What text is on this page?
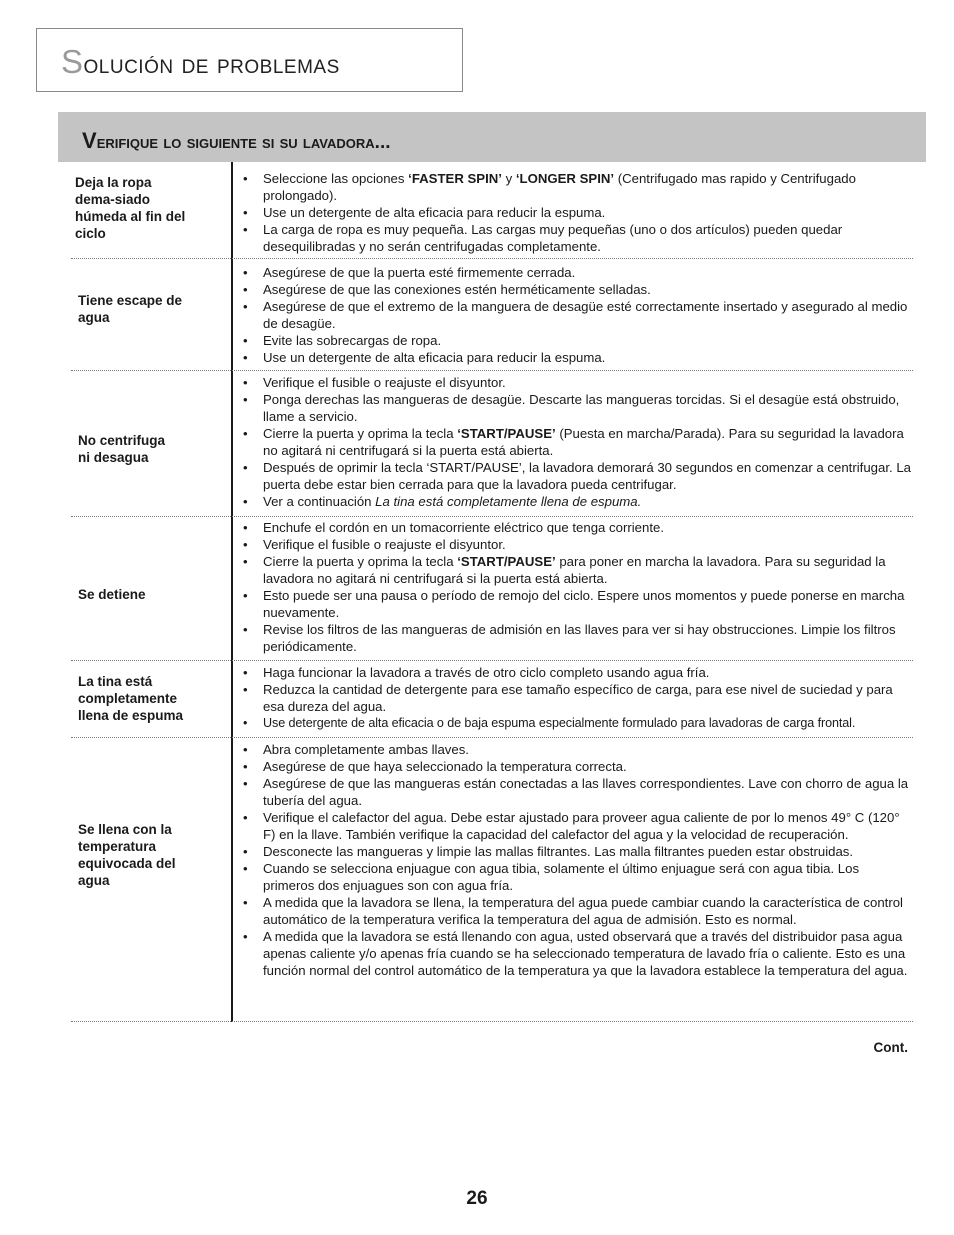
Solución de problemas
Verifique lo siguiente si su lavadora...
Deja la ropa
dema-siado
húmeda al fin del
ciclo
• Seleccione las opciones ‘FASTER SPIN’ y ‘LONGER SPIN’ (Centrifugado mas rapido y Centrifugado prolongado).
• Use un detergente de alta eficacia para reducir la espuma.
• La carga de ropa es muy pequeña. Las cargas muy pequeñas (uno o dos artículos) pueden quedar desequilibradas y no serán centrifugadas completamente.
Tiene escape de
agua
• Asegúrese de que la puerta esté firmemente cerrada.
• Asegúrese de que las conexiones estén herméticamente selladas.
• Asegúrese de que el extremo de la manguera de desagüe esté correctamente insertado y asegurado al medio de desagüe.
• Evite las sobrecargas de ropa.
• Use un detergente de alta eficacia para reducir la espuma.
No centrifuga
ni desagua
• Verifique el fusible o reajuste el disyuntor.
• Ponga derechas las mangueras de desagüe. Descarte las mangueras torcidas. Si el desagüe está obstruido, llame a servicio.
• Cierre la puerta y oprima la tecla ‘START/PAUSE’ (Puesta en marcha/Parada). Para su seguridad la lavadora no agitará ni centrifugará si la puerta está abierta.
• Después de oprimir la tecla ‘START/PAUSE’, la lavadora demorará 30 segundos en comenzar a centrifugar. La puerta debe estar bien cerrada para que la lavadora pueda centrifugar.
• Ver a continuación La tina está completamente llena de espuma.
Se detiene
• Enchufe el cordón en un tomacorriente eléctrico que tenga corriente.
• Verifique el fusible o reajuste el disyuntor.
• Cierre la puerta y oprima la tecla ‘START/PAUSE’ para poner en marcha la lavadora. Para su seguridad la lavadora no agitará ni centrifugará si la puerta está abierta.
• Esto puede ser una pausa o período de remojo del ciclo. Espere unos momentos y puede ponerse en marcha nuevamente.
• Revise los filtros de las mangueras de admisión en las llaves para ver si hay obstrucciones. Limpie los filtros periódicamente.
La tina está
completamente
llena de espuma
• Haga funcionar la lavadora a través de otro ciclo completo usando agua fría.
• Reduzca la cantidad de detergente para ese tamaño específico de carga, para ese nivel de suciedad y para esa dureza del agua.
• Use detergente de alta eficacia o de baja espuma especialmente formulado para lavadoras de carga frontal.
Se llena con la
temperatura
equivocada del
agua
• Abra completamente ambas llaves.
• Asegúrese de que haya seleccionado la temperatura correcta.
• Asegúrese de que las mangueras están conectadas a las llaves correspondientes. Lave con chorro de agua la tubería del agua.
• Verifique el calefactor del agua. Debe estar ajustado para proveer agua caliente de por lo menos 49° C (120° F) en la llave. También verifique la capacidad del calefactor del agua y la velocidad de recuperación.
• Desconecte las mangueras y limpie las mallas filtrantes. Las malla filtrantes pueden estar obstruidas.
• Cuando se selecciona enjuague con agua tibia, solamente el último enjuague será con agua tibia. Los primeros dos enjuagues son con agua fría.
• A medida que la lavadora se llena, la temperatura del agua puede cambiar cuando la característica de control automático de la temperatura verifica la temperatura del agua de admisión. Esto es normal.
• A medida que la lavadora se está llenando con agua, usted observará que a través del distribuidor pasa agua apenas caliente y/o apenas fría cuando se ha seleccionado temperatura de lavado fría o caliente. Esto es una función normal del control automático de la temperatura ya que la lavadora establece la temperatura del agua.
Cont.
26
